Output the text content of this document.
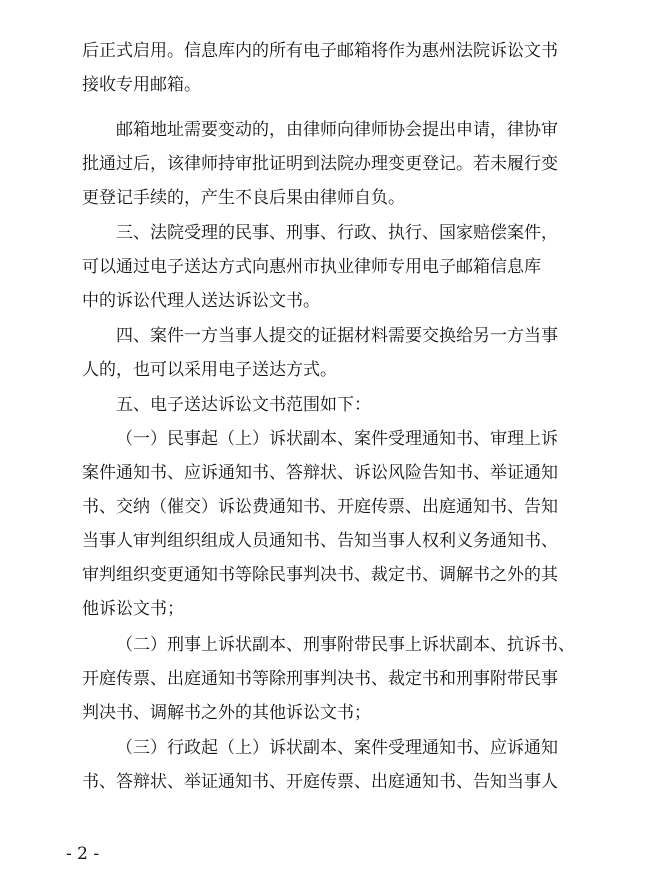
后正式启用。信息库内的所有电子邮箱将作为惠州法院诉讼文书
接收专用邮箱。
邮箱地址需要变动的，由律师向律师协会提出申请，律协审
批通过后，该律师持审批证明到法院办理变更登记。若未履行变
更登记手续的，产生不良后果由律师自负。
三、法院受理的民事、刑事、行政、执行、国家赔偿案件，
可以通过电子送达方式向惠州市执业律师专用电子邮箱信息库
中的诉讼代理人送达诉讼文书。
四、案件一方当事人提交的证据材料需要交换给另一方当事
人的，也可以采用电子送达方式。
五、电子送达诉讼文书范围如下：
（一）民事起（上）诉状副本、案件受理通知书、审理上诉
案件通知书、应诉通知书、答辩状、诉讼风险告知书、举证通知
书、交纳（催交）诉讼费通知书、开庭传票、出庭通知书、告知
当事人审判组织组成人员通知书、告知当事人权利义务通知书、
审判组织变更通知书等除民事判决书、裁定书、调解书之外的其
他诉讼文书；
（二）刑事上诉状副本、刑事附带民事上诉状副本、抗诉书、
开庭传票、出庭通知书等除刑事判决书、裁定书和刑事附带民事
判决书、调解书之外的其他诉讼文书；
（三）行政起（上）诉状副本、案件受理通知书、应诉通知
书、答辩状、举证通知书、开庭传票、出庭通知书、告知当事人
- 2 -
